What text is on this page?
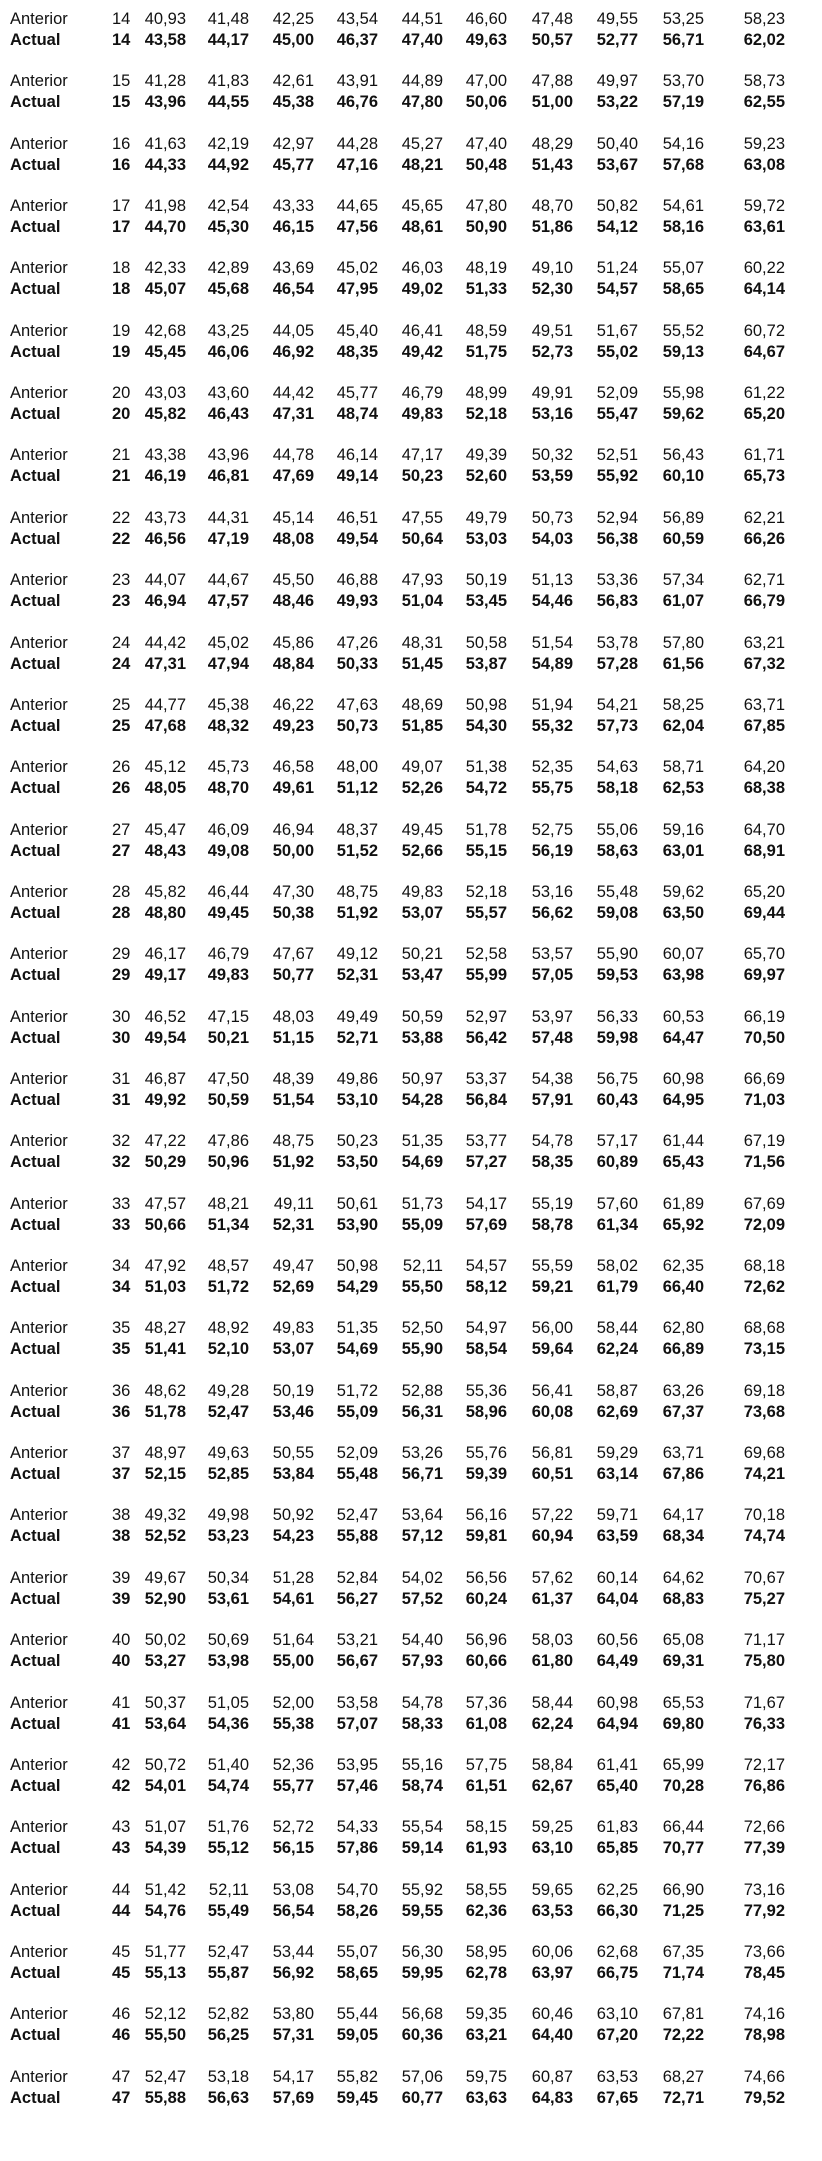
Anterior	14 40,93	41,48	42,25	43,54	44,51	46,60	47,48	49,55	53,25	58,23
Actual	14 43,58	44,17	45,00	46,37	47,40	49,63	50,57	52,77	56,71	62,02
Anterior	15 41,28	41,83	42,61	43,91	44,89	47,00	47,88	49,97	53,70	58,73
Actual	15 43,96	44,55	45,38	46,76	47,80	50,06	51,00	53,22	57,19	62,55
Anterior	16 41,63	42,19	42,97	44,28	45,27	47,40	48,29	50,40	54,16	59,23
Actual	16 44,33	44,92	45,77	47,16	48,21	50,48	51,43	53,67	57,68	63,08
Anterior	17 41,98	42,54	43,33	44,65	45,65	47,80	48,70	50,82	54,61	59,72
Actual	17 44,70	45,30	46,15	47,56	48,61	50,90	51,86	54,12	58,16	63,61
Anterior	18 42,33	42,89	43,69	45,02	46,03	48,19	49,10	51,24	55,07	60,22
Actual	18 45,07	45,68	46,54	47,95	49,02	51,33	52,30	54,57	58,65	64,14
Anterior	19 42,68	43,25	44,05	45,40	46,41	48,59	49,51	51,67	55,52	60,72
Actual	19 45,45	46,06	46,92	48,35	49,42	51,75	52,73	55,02	59,13	64,67
Anterior	20 43,03	43,60	44,42	45,77	46,79	48,99	49,91	52,09	55,98	61,22
Actual	20 45,82	46,43	47,31	48,74	49,83	52,18	53,16	55,47	59,62	65,20
Anterior	21 43,38	43,96	44,78	46,14	47,17	49,39	50,32	52,51	56,43	61,71
Actual	21 46,19	46,81	47,69	49,14	50,23	52,60	53,59	55,92	60,10	65,73
Anterior	22 43,73	44,31	45,14	46,51	47,55	49,79	50,73	52,94	56,89	62,21
Actual	22 46,56	47,19	48,08	49,54	50,64	53,03	54,03	56,38	60,59	66,26
Anterior	23 44,07	44,67	45,50	46,88	47,93	50,19	51,13	53,36	57,34	62,71
Actual	23 46,94	47,57	48,46	49,93	51,04	53,45	54,46	56,83	61,07	66,79
Anterior	24 44,42	45,02	45,86	47,26	48,31	50,58	51,54	53,78	57,80	63,21
Actual	24 47,31	47,94	48,84	50,33	51,45	53,87	54,89	57,28	61,56	67,32
Anterior	25 44,77	45,38	46,22	47,63	48,69	50,98	51,94	54,21	58,25	63,71
Actual	25 47,68	48,32	49,23	50,73	51,85	54,30	55,32	57,73	62,04	67,85
Anterior	26 45,12	45,73	46,58	48,00	49,07	51,38	52,35	54,63	58,71	64,20
Actual	26 48,05	48,70	49,61	51,12	52,26	54,72	55,75	58,18	62,53	68,38
Anterior	27 45,47	46,09	46,94	48,37	49,45	51,78	52,75	55,06	59,16	64,70
Actual	27 48,43	49,08	50,00	51,52	52,66	55,15	56,19	58,63	63,01	68,91
Anterior	28 45,82	46,44	47,30	48,75	49,83	52,18	53,16	55,48	59,62	65,20
Actual	28 48,80	49,45	50,38	51,92	53,07	55,57	56,62	59,08	63,50	69,44
Anterior	29 46,17	46,79	47,67	49,12	50,21	52,58	53,57	55,90	60,07	65,70
Actual	29 49,17	49,83	50,77	52,31	53,47	55,99	57,05	59,53	63,98	69,97
Anterior	30 46,52	47,15	48,03	49,49	50,59	52,97	53,97	56,33	60,53	66,19
Actual	30 49,54	50,21	51,15	52,71	53,88	56,42	57,48	59,98	64,47	70,50
Anterior	31 46,87	47,50	48,39	49,86	50,97	53,37	54,38	56,75	60,98	66,69
Actual	31 49,92	50,59	51,54	53,10	54,28	56,84	57,91	60,43	64,95	71,03
Anterior	32 47,22	47,86	48,75	50,23	51,35	53,77	54,78	57,17	61,44	67,19
Actual	32 50,29	50,96	51,92	53,50	54,69	57,27	58,35	60,89	65,43	71,56
Anterior	33 47,57	48,21	49,11	50,61	51,73	54,17	55,19	57,60	61,89	67,69
Actual	33 50,66	51,34	52,31	53,90	55,09	57,69	58,78	61,34	65,92	72,09
Anterior	34 47,92	48,57	49,47	50,98	52,11	54,57	55,59	58,02	62,35	68,18
Actual	34 51,03	51,72	52,69	54,29	55,50	58,12	59,21	61,79	66,40	72,62
Anterior	35 48,27	48,92	49,83	51,35	52,50	54,97	56,00	58,44	62,80	68,68
Actual	35 51,41	52,10	53,07	54,69	55,90	58,54	59,64	62,24	66,89	73,15
Anterior	36 48,62	49,28	50,19	51,72	52,88	55,36	56,41	58,87	63,26	69,18
Actual	36 51,78	52,47	53,46	55,09	56,31	58,96	60,08	62,69	67,37	73,68
Anterior	37 48,97	49,63	50,55	52,09	53,26	55,76	56,81	59,29	63,71	69,68
Actual	37 52,15	52,85	53,84	55,48	56,71	59,39	60,51	63,14	67,86	74,21
Anterior	38 49,32	49,98	50,92	52,47	53,64	56,16	57,22	59,71	64,17	70,18
Actual	38 52,52	53,23	54,23	55,88	57,12	59,81	60,94	63,59	68,34	74,74
Anterior	39 49,67	50,34	51,28	52,84	54,02	56,56	57,62	60,14	64,62	70,67
Actual	39 52,90	53,61	54,61	56,27	57,52	60,24	61,37	64,04	68,83	75,27
Anterior	40 50,02	50,69	51,64	53,21	54,40	56,96	58,03	60,56	65,08	71,17
Actual	40 53,27	53,98	55,00	56,67	57,93	60,66	61,80	64,49	69,31	75,80
Anterior	41 50,37	51,05	52,00	53,58	54,78	57,36	58,44	60,98	65,53	71,67
Actual	41 53,64	54,36	55,38	57,07	58,33	61,08	62,24	64,94	69,80	76,33
Anterior	42 50,72	51,40	52,36	53,95	55,16	57,75	58,84	61,41	65,99	72,17
Actual	42 54,01	54,74	55,77	57,46	58,74	61,51	62,67	65,40	70,28	76,86
Anterior	43 51,07	51,76	52,72	54,33	55,54	58,15	59,25	61,83	66,44	72,66
Actual	43 54,39	55,12	56,15	57,86	59,14	61,93	63,10	65,85	70,77	77,39
Anterior	44 51,42	52,11	53,08	54,70	55,92	58,55	59,65	62,25	66,90	73,16
Actual	44 54,76	55,49	56,54	58,26	59,55	62,36	63,53	66,30	71,25	77,92
Anterior	45 51,77	52,47	53,44	55,07	56,30	58,95	60,06	62,68	67,35	73,66
Actual	45 55,13	55,87	56,92	58,65	59,95	62,78	63,97	66,75	71,74	78,45
Anterior	46 52,12	52,82	53,80	55,44	56,68	59,35	60,46	63,10	67,81	74,16
Actual	46 55,50	56,25	57,31	59,05	60,36	63,21	64,40	67,20	72,22	78,98
Anterior	47 52,47	53,18	54,17	55,82	57,06	59,75	60,87	63,53	68,27	74,66
Actual	47 55,88	56,63	57,69	59,45	60,77	63,63	64,83	67,65	72,71	79,52
